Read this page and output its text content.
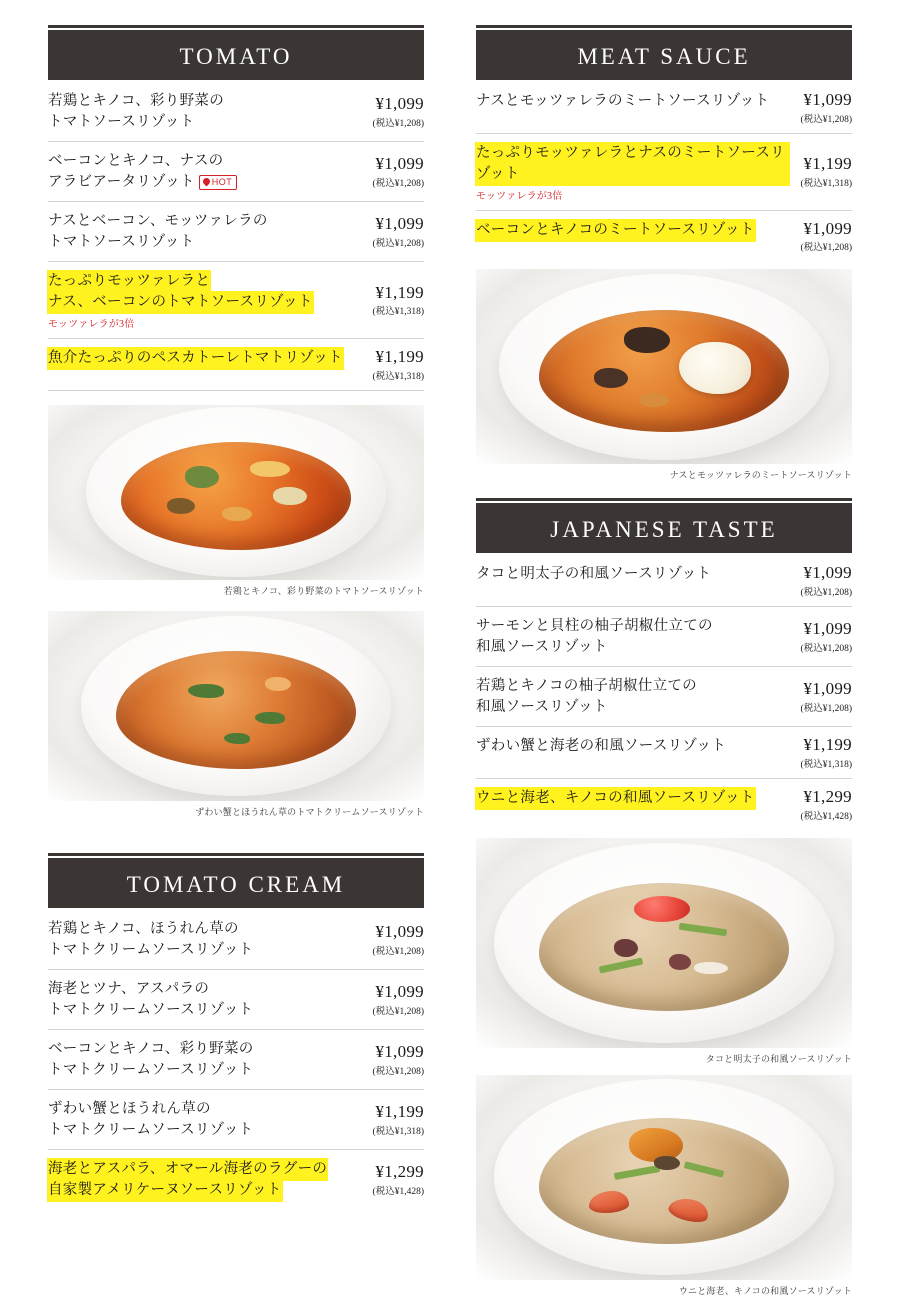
TOMATO
若鶏とキノコ、彩り野菜の
トマトソースリゾット
¥1,099
(税込¥1,208)
ベーコンとキノコ、ナスの
アラビアータリゾット HOT
¥1,099
(税込¥1,208)
ナスとベーコン、モッツァレラの
トマトソースリゾット
¥1,099
(税込¥1,208)
たっぷりモッツァレラと
ナス、ベーコンのトマトソースリゾット
モッツァレラが3倍
¥1,199
(税込¥1,318)
魚介たっぷりのペスカトーレトマトリゾット	¥1,199
(税込¥1,318)
若鶏とキノコ、彩り野菜のトマトソースリゾット
ずわい蟹とほうれん草のトマトクリームソースリゾット
TOMATO CREAM
若鶏とキノコ、ほうれん草の
トマトクリームソースリゾット
¥1,099
(税込¥1,208)
海老とツナ、アスパラの
トマトクリームソースリゾット
¥1,099
(税込¥1,208)
ベーコンとキノコ、彩り野菜の
トマトクリームソースリゾット
¥1,099
(税込¥1,208)
ずわい蟹とほうれん草の
トマトクリームソースリゾット
¥1,199
(税込¥1,318)
海老とアスパラ、オマール海老のラグーの
自家製アメリケーヌソースリゾット
¥1,299
(税込¥1,428)
MEAT SAUCE
ナスとモッツァレラのミートソースリゾット	¥1,099
(税込¥1,208)
たっぷりモッツァレラとナスのミートソースリゾット
モッツァレラが3倍
¥1,199
(税込¥1,318)
ベーコンとキノコのミートソースリゾット	¥1,099
(税込¥1,208)
ナスとモッツァレラのミートソースリゾット
JAPANESE TASTE
タコと明太子の和風ソースリゾット	¥1,099
(税込¥1,208)
サーモンと貝柱の柚子胡椒仕立ての
和風ソースリゾット
¥1,099
(税込¥1,208)
若鶏とキノコの柚子胡椒仕立ての
和風ソースリゾット
¥1,099
(税込¥1,208)
ずわい蟹と海老の和風ソースリゾット	¥1,199
(税込¥1,318)
ウニと海老、キノコの和風ソースリゾット	¥1,299
(税込¥1,428)
タコと明太子の和風ソースリゾット
ウニと海老、キノコの和風ソースリゾット
